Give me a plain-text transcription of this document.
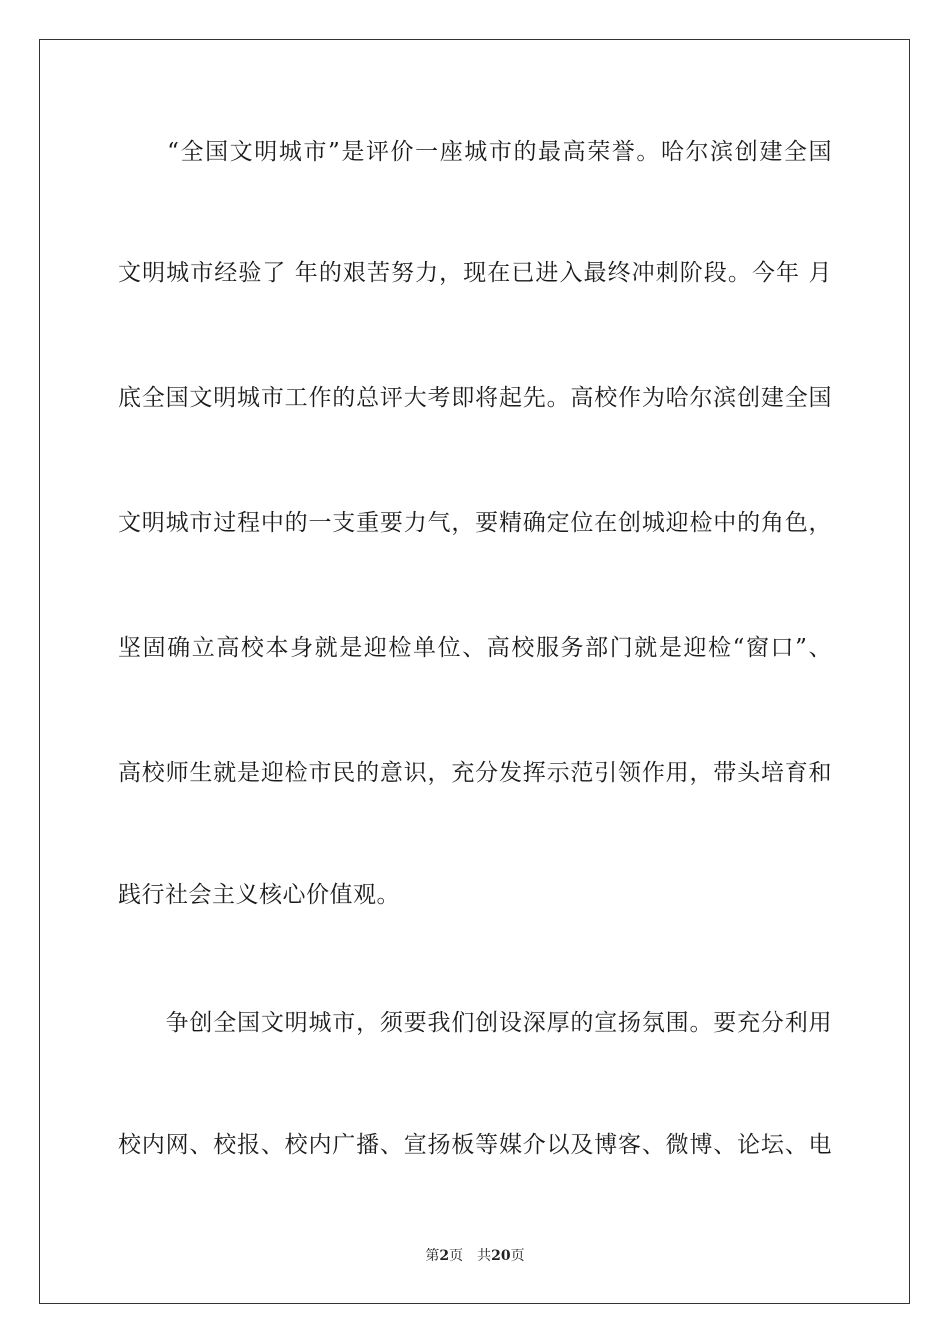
　　“全国文明城市”是评价一座城市的最高荣誉。哈尔滨创建全国
文明城市经验了 年的艰苦努力，现在已进入最终冲刺阶段。今年 月
底全国文明城市工作的总评大考即将起先。高校作为哈尔滨创建全国
文明城市过程中的一支重要力气，要精确定位在创城迎检中的角色，
坚固确立高校本身就是迎检单位、高校服务部门就是迎检“窗口”、
高校师生就是迎检市民的意识，充分发挥示范引领作用，带头培育和
践行社会主义核心价值观。
　　争创全国文明城市，须要我们创设深厚的宣扬氛围。要充分利用
校内网、校报、校内广播、宣扬板等媒介以及博客、微博、论坛、电
第2页 共20页
